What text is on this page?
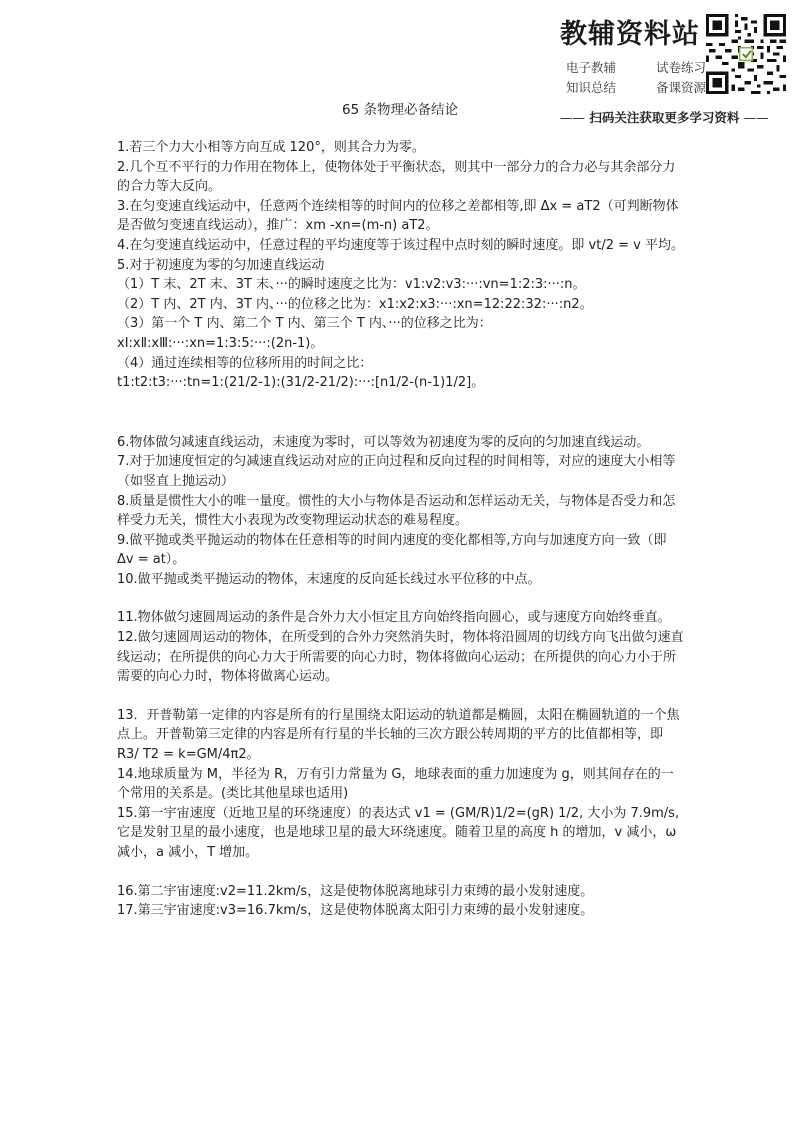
教辅资料站
电子教辅	试卷练习
知识总结	备课资源
—— 扫码关注获取更多学习资料 ——
65 条物理必备结论

1.若三个力大小相等方向互成 120°，则其合力为零。

2.几个互不平行的力作用在物体上，使物体处于平衡状态，则其中一部分力的合力必与其余部分力的合力等大反向。

3.在匀变速直线运动中，任意两个连续相等的时间内的位移之差都相等,即 Δx = aT2（可判断物体是否做匀变速直线运动），推广：xm -xn=(m-n) aT2。

4.在匀变速直线运动中，任意过程的平均速度等于该过程中点时刻的瞬时速度。即 vt/2 = v 平均。

5.对于初速度为零的匀加速直线运动

（1）T 末、2T 末、3T 末、···的瞬时速度之比为：v1:v2:v3:···:vn=1:2:3:···:n。

（2）T 内、2T 内、3T 内、···的位移之比为：x1:x2:x3:···:xn=12:22:32:···:n2。

（3）第一个 T 内、第二个 T 内、第三个 T 内、···的位移之比为：

xⅠ:xⅡ:xⅢ:···:xn=1:3:5:···:(2n-1)。

（4）通过连续相等的位移所用的时间之比：

t1:t2:t3:···:tn=1:(21/2-1):(31/2-21/2):···:[n1/2-(n-1)1/2]。

6.物体做匀减速直线运动，末速度为零时，可以等效为初速度为零的反向的匀加速直线运动。

7.对于加速度恒定的匀减速直线运动对应的正向过程和反向过程的时间相等，对应的速度大小相等（如竖直上抛运动）

8.质量是惯性大小的唯一量度。惯性的大小与物体是否运动和怎样运动无关，与物体是否受力和怎样受力无关，惯性大小表现为改变物理运动状态的难易程度。

9.做平抛或类平抛运动的物体在任意相等的时间内速度的变化都相等,方向与加速度方向一致（即 Δv = at）。

10.做平抛或类平抛运动的物体，末速度的反向延长线过水平位移的中点。

11.物体做匀速圆周运动的条件是合外力大小恒定且方向始终指向圆心，或与速度方向始终垂直。

12.做匀速圆周运动的物体，在所受到的合外力突然消失时，物体将沿圆周的切线方向飞出做匀速直线运动；在所提供的向心力大于所需要的向心力时，物体将做向心运动；在所提供的向心力小于所需要的向心力时，物体将做离心运动。

13．开普勒第一定律的内容是所有的行星围绕太阳运动的轨道都是椭圆，太阳在椭圆轨道的一个焦点上。开普勒第三定律的内容是所有行星的半长轴的三次方跟公转周期的平方的比值都相等，即 R3/ T2 = k=GM/4π2。

14.地球质量为 M，半径为 R，万有引力常量为 G，地球表面的重力加速度为 g，则其间存在的一个常用的关系是。(类比其他星球也适用)

15.第一宇宙速度（近地卫星的环绕速度）的表达式 v1 = (GM/R)1/2=(gR) 1/2, 大小为 7.9m/s, 它是发射卫星的最小速度，也是地球卫星的最大环绕速度。随着卫星的高度 h 的增加，v 减小，ω 减小，a 减小，T 增加。

16.第二宇宙速度:v2=11.2km/s，这是使物体脱离地球引力束缚的最小发射速度。

17.第三宇宙速度:v3=16.7km/s，这是使物体脱离太阳引力束缚的最小发射速度。
